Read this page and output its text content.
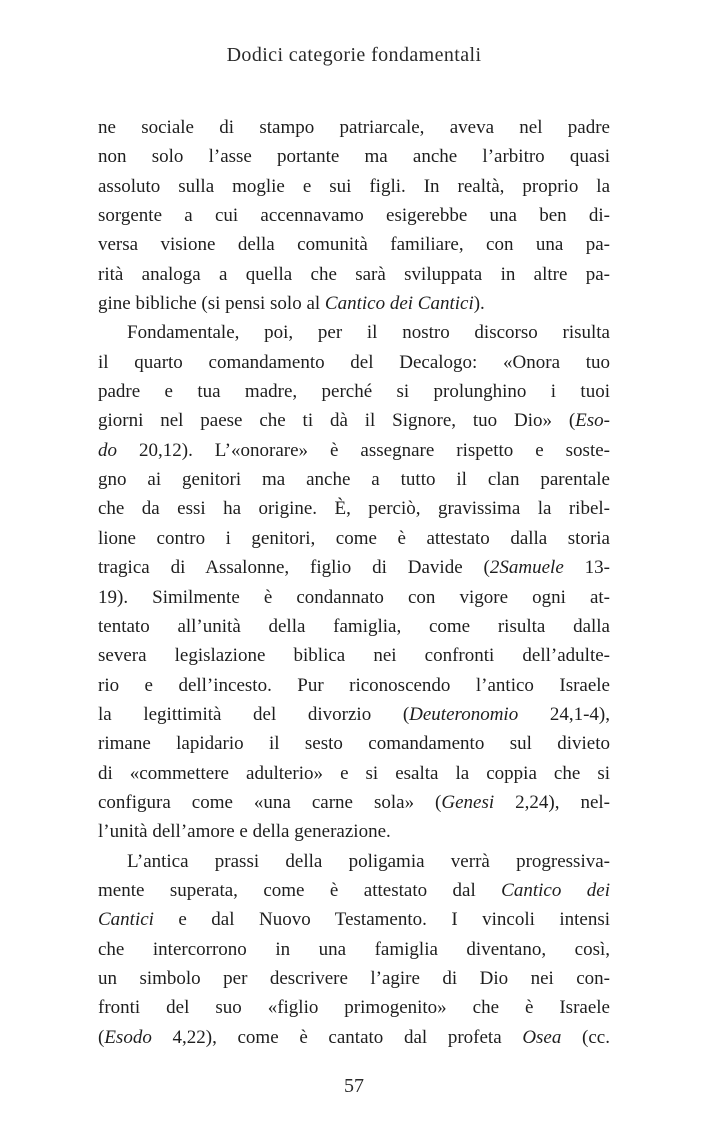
Dodici categorie fondamentali
ne sociale di stampo patriarcale, aveva nel padre
non solo l’asse portante ma anche l’arbitro quasi
assoluto sulla moglie e sui figli. In realtà, proprio la
sorgente a cui accennavamo esigerebbe una ben di-
versa visione della comunità familiare, con una pa-
rità analoga a quella che sarà sviluppata in altre pa-
gine bibliche (si pensi solo al Cantico dei Cantici).
Fondamentale, poi, per il nostro discorso risulta
il quarto comandamento del Decalogo: «Onora tuo
padre e tua madre, perché si prolunghino i tuoi
giorni nel paese che ti dà il Signore, tuo Dio» (Eso-
do 20,12). L’«onorare» è assegnare rispetto e soste-
gno ai genitori ma anche a tutto il clan parentale
che da essi ha origine. È, perciò, gravissima la ribel-
lione contro i genitori, come è attestato dalla storia
tragica di Assalonne, figlio di Davide (2Samuele 13-
19). Similmente è condannato con vigore ogni at-
tentato all’unità della famiglia, come risulta dalla
severa legislazione biblica nei confronti dell’adulte-
rio e dell’incesto. Pur riconoscendo l’antico Israele
la legittimità del divorzio (Deuteronomio 24,1-4),
rimane lapidario il sesto comandamento sul divieto
di «commettere adulterio» e si esalta la coppia che si
configura come «una carne sola» (Genesi 2,24), nel-
l’unità dell’amore e della generazione.
L’antica prassi della poligamia verrà progressiva-
mente superata, come è attestato dal Cantico dei
Cantici e dal Nuovo Testamento. I vincoli intensi
che intercorrono in una famiglia diventano, così,
un simbolo per descrivere l’agire di Dio nei con-
fronti del suo «figlio primogenito» che è Israele
(Esodo 4,22), come è cantato dal profeta Osea (cc.
57
